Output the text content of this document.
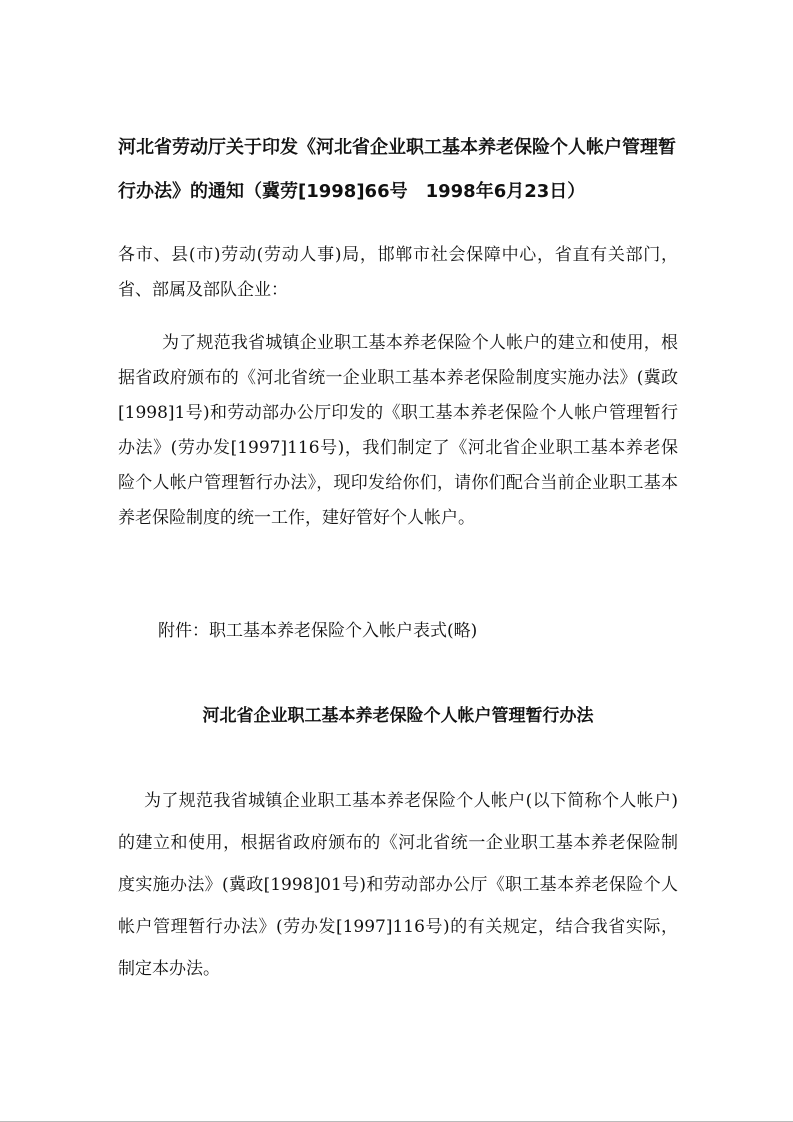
河北省劳动厅关于印发《河北省企业职工基本养老保险个人帐户管理暂行办法》的通知（冀劳[1998]66号　1998年6月23日）

各市、县(市)劳动(劳动人事)局，邯郸市社会保障中心，省直有关部门，省、部属及部队企业：

为了规范我省城镇企业职工基本养老保险个人帐户的建立和使用，根据省政府颁布的《河北省统一企业职工基本养老保险制度实施办法》(冀政[1998]1号)和劳动部办公厅印发的《职工基本养老保险个人帐户管理暂行办法》(劳办发[1997]116号)，我们制定了《河北省企业职工基本养老保险个人帐户管理暂行办法》，现印发给你们，请你们配合当前企业职工基本养老保险制度的统一工作，建好管好个人帐户。

附件：职工基本养老保险个入帐户表式(略)

河北省企业职工基本养老保险个人帐户管理暂行办法

为了规范我省城镇企业职工基本养老保险个人帐户(以下简称个人帐户)的建立和使用，根据省政府颁布的《河北省统一企业职工基本养老保险制度实施办法》(冀政[1998]01号)和劳动部办公厅《职工基本养老保险个人帐户管理暂行办法》(劳办发[1997]116号)的有关规定，结合我省实际，制定本办法。
